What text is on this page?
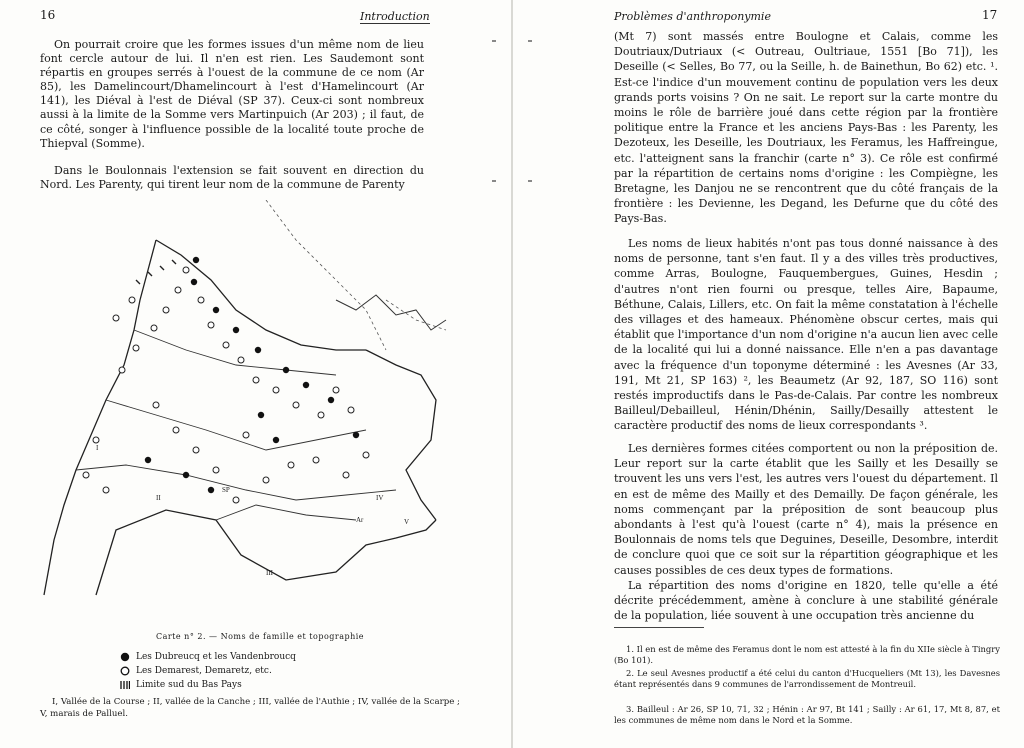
16	Introduction
On pourrait croire que les formes issues d'un même nom de lieu font cercle autour de lui. Il n'en est rien. Les Saudemont sont répartis en groupes serrés à l'ouest de la commune de ce nom (Ar 85), les Damelincourt/Dhamelincourt à l'est d'Hamelincourt (Ar 141), les Diéval à l'est de Diéval (SP 37). Ceux-ci sont nombreux aussi à la limite de la Somme vers Martinpuich (Ar 203) ; il faut, de ce côté, songer à l'influence possible de la localité toute proche de Thiepval (Somme).
Dans le Boulonnais l'extension se fait souvent en direction du Nord. Les Parenty, qui tirent leur nom de la commune de Parenty
SP
I
II
III
IV
Ar	V
Carte n° 2. — Noms de famille et topographie
Les Dubreucq et les Vandenbroucq
Les Demarest, Demaretz, etc.
Limite sud du Bas Pays
I, Vallée de la Course ; II, vallée de la Canche ; III, vallée de l'Authie ; IV, vallée de la Scarpe ; V, marais de Palluel.
Problèmes d'anthroponymie	17
(Mt 7) sont massés entre Boulogne et Calais, comme les Doutriaux/Dutriaux (< Outreau, Oultriaue, 1551 [Bo 71]), les Deseille (< Selles, Bo 77, ou la Seille, h. de Bainethun, Bo 62) etc. ¹. Est-ce l'indice d'un mouvement continu de population vers les deux grands ports voisins ? On ne sait. Le report sur la carte montre du moins le rôle de barrière joué dans cette région par la frontière politique entre la France et les anciens Pays-Bas : les Parenty, les Dezoteux, les Deseille, les Doutriaux, les Feramus, les Haffreingue, etc. l'atteignent sans la franchir (carte n° 3). Ce rôle est confirmé par la répartition de certains noms d'origine : les Compiègne, les Bretagne, les Danjou ne se rencontrent que du côté français de la frontière : les Devienne, les Degand, les Defurne que du côté des Pays-Bas.
Les noms de lieux habités n'ont pas tous donné naissance à des noms de personne, tant s'en faut. Il y a des villes très productives, comme Arras, Boulogne, Fauquembergues, Guines, Hesdin ; d'autres n'ont rien fourni ou presque, telles Aire, Bapaume, Béthune, Calais, Lillers, etc. On fait la même constatation à l'échelle des villages et des hameaux. Phénomène obscur certes, mais qui établit que l'importance d'un nom d'origine n'a aucun lien avec celle de la localité qui lui a donné naissance. Elle n'en a pas davantage avec la fréquence d'un toponyme déterminé : les Avesnes (Ar 33, 191, Mt 21, SP 163) ², les Beaumetz (Ar 92, 187, SO 116) sont restés improductifs dans le Pas-de-Calais. Par contre les nombreux Bailleul/Debailleul, Hénin/Dhénin, Sailly/Desailly attestent le caractère productif des noms de lieux correspondants ³.
Les dernières formes citées comportent ou non la préposition de. Leur report sur la carte établit que les Sailly et les Desailly se trouvent les uns vers l'est, les autres vers l'ouest du département. Il en est de même des Mailly et des Demailly. De façon générale, les noms commençant par la préposition de sont beaucoup plus abondants à l'est qu'à l'ouest (carte n° 4), mais la présence en Boulonnais de noms tels que Deguines, Deseille, Desombre, interdit de conclure quoi que ce soit sur la répartition géographique et les causes possibles de ces deux types de formations.
La répartition des noms d'origine en 1820, telle qu'elle a été décrite précédemment, amène à conclure à une stabilité générale de la population, liée souvent à une occupation très ancienne du
1. Il en est de même des Feramus dont le nom est attesté à la fin du XIIe siècle à Tingry (Bo 101).
2. Le seul Avesnes productif a été celui du canton d'Hucqueliers (Mt 13), les Davesnes étant représentés dans 9 communes de l'arrondissement de Montreuil.
3. Bailleul : Ar 26, SP 10, 71, 32 ; Hénin : Ar 97, Bt 141 ; Sailly : Ar 61, 17, Mt 8, 87, et les communes de même nom dans le Nord et la Somme.
